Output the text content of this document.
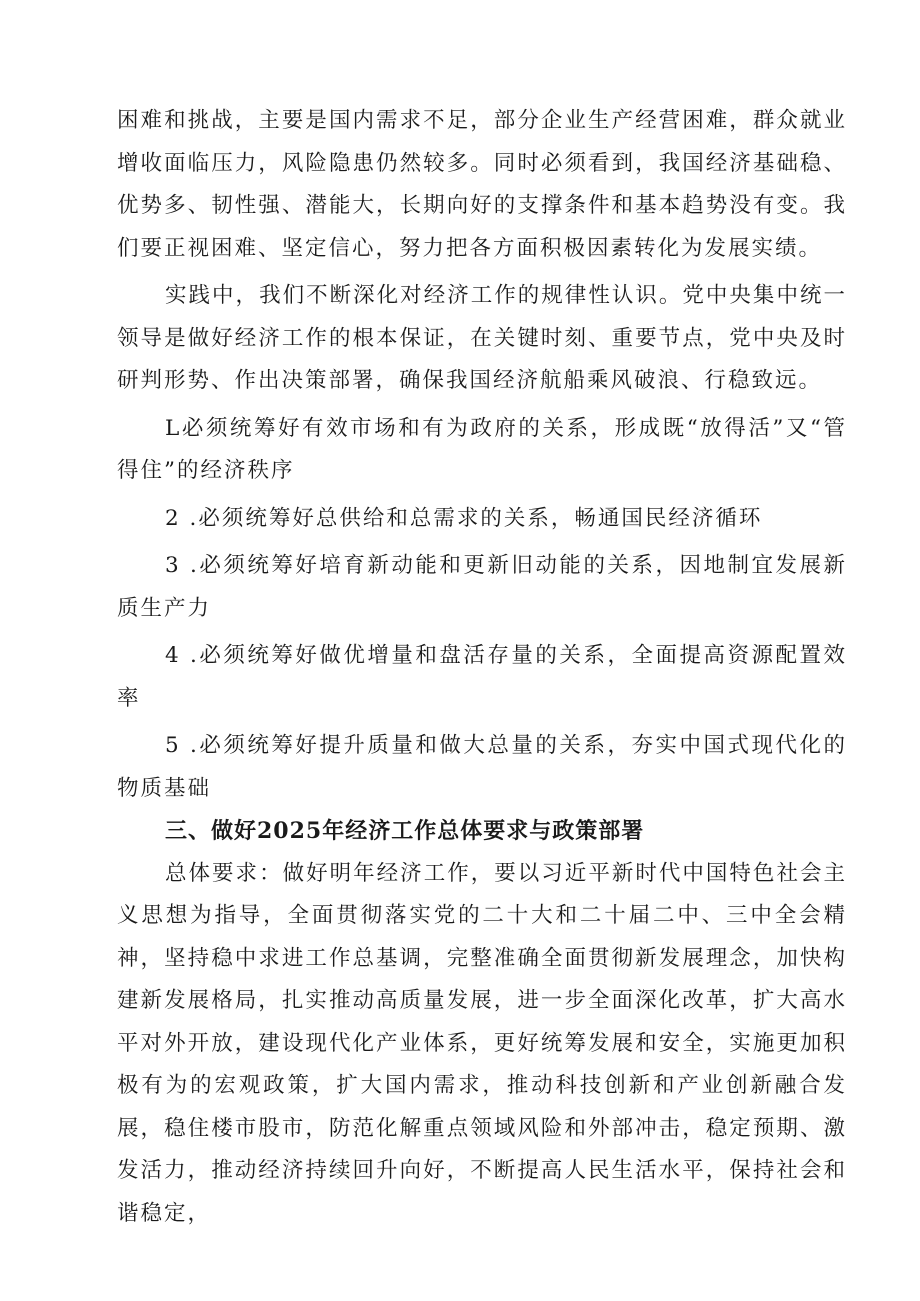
困难和挑战，主要是国内需求不足，部分企业生产经营困难，群众就业增收面临压力，风险隐患仍然较多。同时必须看到，我国经济基础稳、优势多、韧性强、潜能大，长期向好的支撑条件和基本趋势没有变。我们要正视困难、坚定信心，努力把各方面积极因素转化为发展实绩。

实践中，我们不断深化对经济工作的规律性认识。党中央集中统一领导是做好经济工作的根本保证，在关键时刻、重要节点，党中央及时研判形势、作出决策部署，确保我国经济航船乘风破浪、行稳致远。

L必须统筹好有效市场和有为政府的关系，形成既“放得活”又“管得住”的经济秩序

2 .必须统筹好总供给和总需求的关系，畅通国民经济循环

3 .必须统筹好培育新动能和更新旧动能的关系，因地制宜发展新质生产力

4 .必须统筹好做优增量和盘活存量的关系，全面提高资源配置效率

5 .必须统筹好提升质量和做大总量的关系，夯实中国式现代化的物质基础

三、做好2025年经济工作总体要求与政策部署

总体要求：做好明年经济工作，要以习近平新时代中国特色社会主义思想为指导，全面贯彻落实党的二十大和二十届二中、三中全会精神，坚持稳中求进工作总基调，完整准确全面贯彻新发展理念，加快构建新发展格局，扎实推动高质量发展，进一步全面深化改革，扩大高水平对外开放，建设现代化产业体系，更好统筹发展和安全，实施更加积极有为的宏观政策，扩大国内需求，推动科技创新和产业创新融合发展，稳住楼市股市，防范化解重点领域风险和外部冲击，稳定预期、激发活力，推动经济持续回升向好，不断提高人民生活水平，保持社会和谐稳定，
